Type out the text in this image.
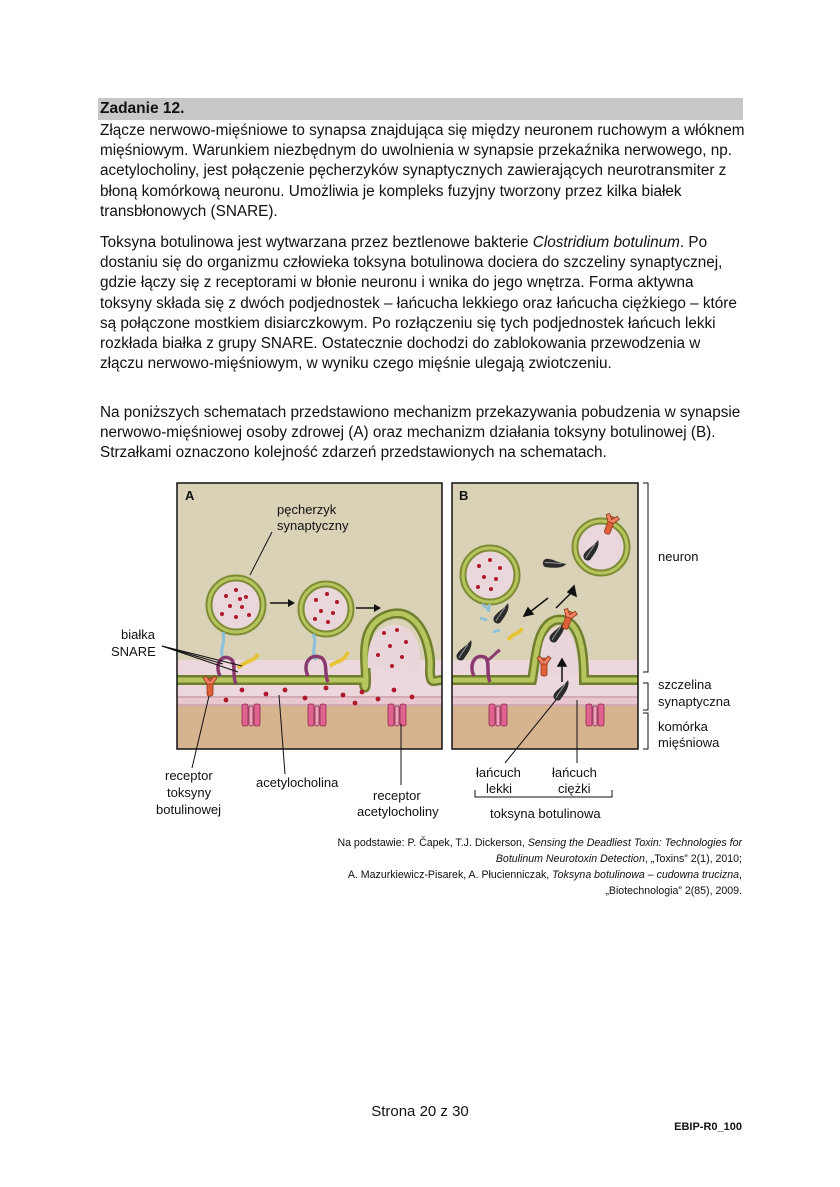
Zadanie 12.

Złącze nerwowo-mięśniowe to synapsa znajdująca się między neuronem ruchowym a włóknem mięśniowym. Warunkiem niezbędnym do uwolnienia w synapsie przekaźnika nerwowego, np. acetylocholiny, jest połączenie pęcherzyków synaptycznych zawierających neurotransmiter z błoną komórkową neuronu. Umożliwia je kompleks fuzyjny tworzony przez kilka białek transbłonowych (SNARE).

Toksyna botulinowa jest wytwarzana przez beztlenowe bakterie Clostridium botulinum. Po dostaniu się do organizmu człowieka toksyna botulinowa dociera do szczeliny synaptycznej, gdzie łączy się z receptorami w błonie neuronu i wnika do jego wnętrza. Forma aktywna toksyny składa się z dwóch podjednostek – łańcucha lekkiego oraz łańcucha ciężkiego – które są połączone mostkiem disiarczkowym. Po rozłączeniu się tych podjednostek łańcuch lekki rozkłada białka z grupy SNARE. Ostatecznie dochodzi do zablokowania przewodzenia w złączu nerwowo-mięśniowym, w wyniku czego mięśnie ulegają zwiotczeniu.

Na poniższych schematach przedstawiono mechanizm przekazywania pobudzenia w synapsie nerwowo-mięśniowej osoby zdrowej (A) oraz mechanizm działania toksyny botulinowej (B). Strzałkami oznaczono kolejność zdarzeń przedstawionych na schematach.

A	B
pęcherzyk
synaptyczny
białka
SNARE
neuron
szczelina
synaptyczna
komórka
mięśniowa
receptor
toksyny
botulinowej
acetylocholina
receptor
acetylocholiny
łańcuch
lekki
łańcuch
ciężki
toksyna botulinowa
Na podstawie: P. Čapek, T.J. Dickerson, Sensing the Deadliest Toxin: Technologies for
Botulinum Neurotoxin Detection, „Toxins” 2(1), 2010;
A. Mazurkiewicz-Pisarek, A. Płucienniczak, Toksyna botulinowa – cudowna trucizna,
„Biotechnologia” 2(85), 2009.
Strona 20 z 30
EBIP-R0_100
